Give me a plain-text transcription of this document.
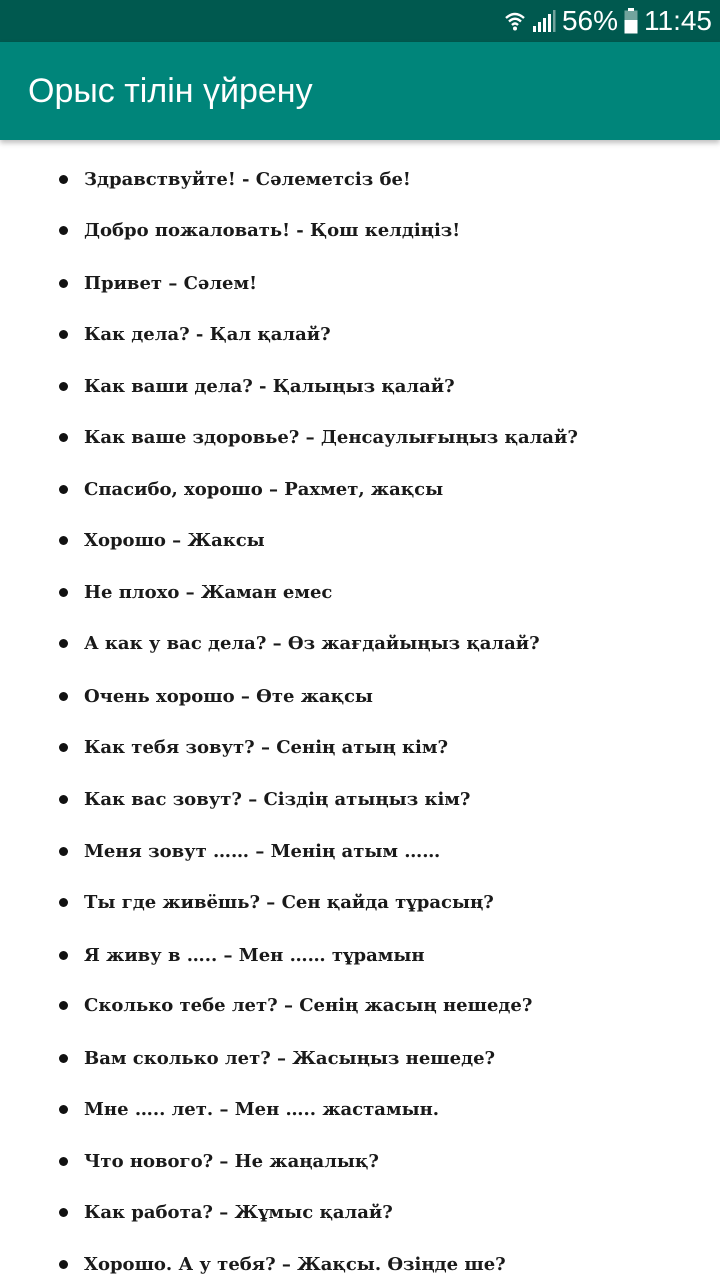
56% 11:45
Орыс тілін үйрену
Здравствуйте! - Сәлеметсіз бе!
Добро пожаловать! - Қош келдіңіз!
Привет – Сәлем!
Как дела? - Қал қалай?
Как ваши дела? - Қалыңыз қалай?
Как ваше здоровье? – Денсаулығыңыз қалай?
Спасибо, хорошо – Рахмет, жақсы
Хорошо – Жаксы
Не плохо – Жаман емес
А как у вас дела? – Өз жағдайыңыз қалай?
Очень хорошо – Өте жақсы
Как тебя зовут? – Сенің атың кім?
Как вас зовут? – Сіздің атыңыз кім?
Меня зовут …… – Менің атым ……
Ты где живёшь? – Сен қайда тұрасың?
Я живу в ….. – Мен …… тұрамын
Сколько тебе лет? – Сенің жасың нешеде?
Вам сколько лет? – Жасыңыз нешеде?
Мне ….. лет. – Мен ….. жастамын.
Что нового? – Не жаңалық?
Как работа? – Жұмыс қалай?
Хорошо. А у тебя? – Жақсы. Өзіңде ше?
